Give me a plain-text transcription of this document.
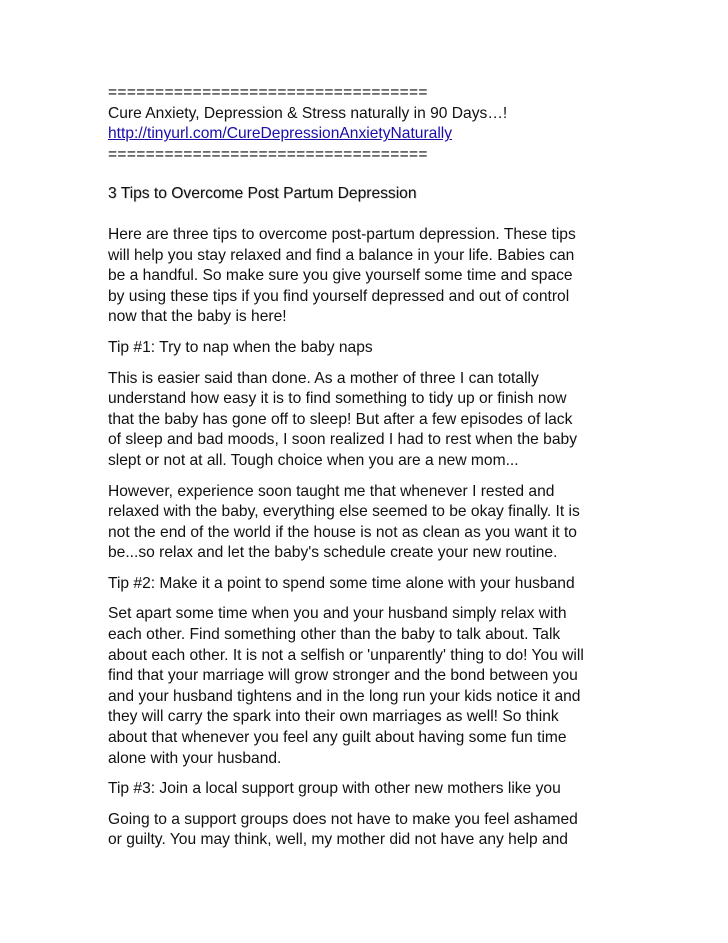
==================================
Cure Anxiety, Depression & Stress naturally in 90 Days…!
http://tinyurl.com/CureDepressionAnxietyNaturally
==================================
3 Tips to Overcome Post Partum Depression
Here are three tips to overcome post-partum depression. These tips
will help you stay relaxed and find a balance in your life. Babies can
be a handful. So make sure you give yourself some time and space
by using these tips if you find yourself depressed and out of control
now that the baby is here!
Tip #1: Try to nap when the baby naps
This is easier said than done. As a mother of three I can totally
understand how easy it is to find something to tidy up or finish now
that the baby has gone off to sleep! But after a few episodes of lack
of sleep and bad moods, I soon realized I had to rest when the baby
slept or not at all. Tough choice when you are a new mom...
However, experience soon taught me that whenever I rested and
relaxed with the baby, everything else seemed to be okay finally. It is
not the end of the world if the house is not as clean as you want it to
be...so relax and let the baby's schedule create your new routine.
Tip #2: Make it a point to spend some time alone with your husband
Set apart some time when you and your husband simply relax with
each other. Find something other than the baby to talk about. Talk
about each other. It is not a selfish or 'unparently' thing to do! You will
find that your marriage will grow stronger and the bond between you
and your husband tightens and in the long run your kids notice it and
they will carry the spark into their own marriages as well! So think
about that whenever you feel any guilt about having some fun time
alone with your husband.
Tip #3: Join a local support group with other new mothers like you
Going to a support groups does not have to make you feel ashamed
or guilty. You may think, well, my mother did not have any help and
